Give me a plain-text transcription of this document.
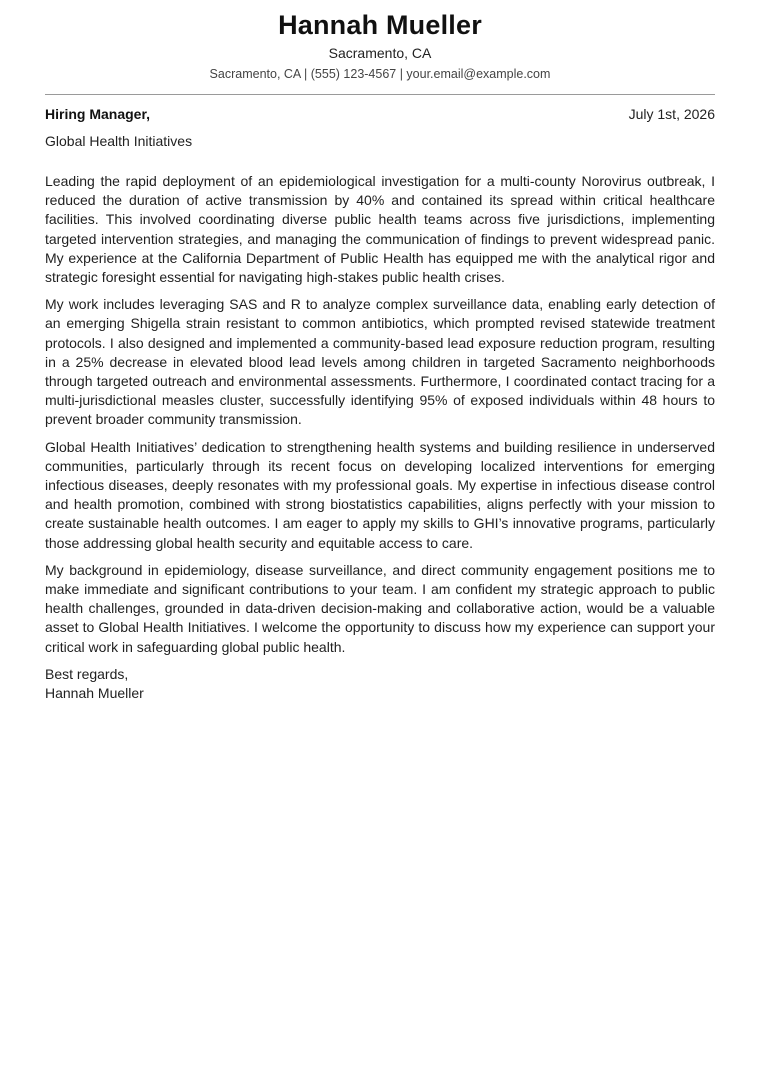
Hannah Mueller
Sacramento, CA
Sacramento, CA | (555) 123-4567 | your.email@example.com
Hiring Manager,	July 1st, 2026
Global Health Initiatives

Leading the rapid deployment of an epidemiological investigation for a multi-county Norovirus outbreak, I reduced the duration of active transmission by 40% and contained its spread within critical healthcare facilities. This involved coordinating diverse public health teams across five jurisdictions, implementing targeted intervention strategies, and managing the communication of findings to prevent widespread panic. My experience at the California Department of Public Health has equipped me with the analytical rigor and strategic foresight essential for navigating high-stakes public health crises.

My work includes leveraging SAS and R to analyze complex surveillance data, enabling early detection of an emerging Shigella strain resistant to common antibiotics, which prompted revised statewide treatment protocols. I also designed and implemented a community-based lead exposure reduction program, resulting in a 25% decrease in elevated blood lead levels among children in targeted Sacramento neighborhoods through targeted outreach and environmental assessments. Furthermore, I coordinated contact tracing for a multi-jurisdictional measles cluster, successfully identifying 95% of exposed individuals within 48 hours to prevent broader community transmission.

Global Health Initiatives’ dedication to strengthening health systems and building resilience in underserved communities, particularly through its recent focus on developing localized interventions for emerging infectious diseases, deeply resonates with my professional goals. My expertise in infectious disease control and health promotion, combined with strong biostatistics capabilities, aligns perfectly with your mission to create sustainable health outcomes. I am eager to apply my skills to GHI’s innovative programs, particularly those addressing global health security and equitable access to care.

My background in epidemiology, disease surveillance, and direct community engagement positions me to make immediate and significant contributions to your team. I am confident my strategic approach to public health challenges, grounded in data-driven decision-making and collaborative action, would be a valuable asset to Global Health Initiatives. I welcome the opportunity to discuss how my experience can support your critical work in safeguarding global public health.

Best regards,
Hannah Mueller
